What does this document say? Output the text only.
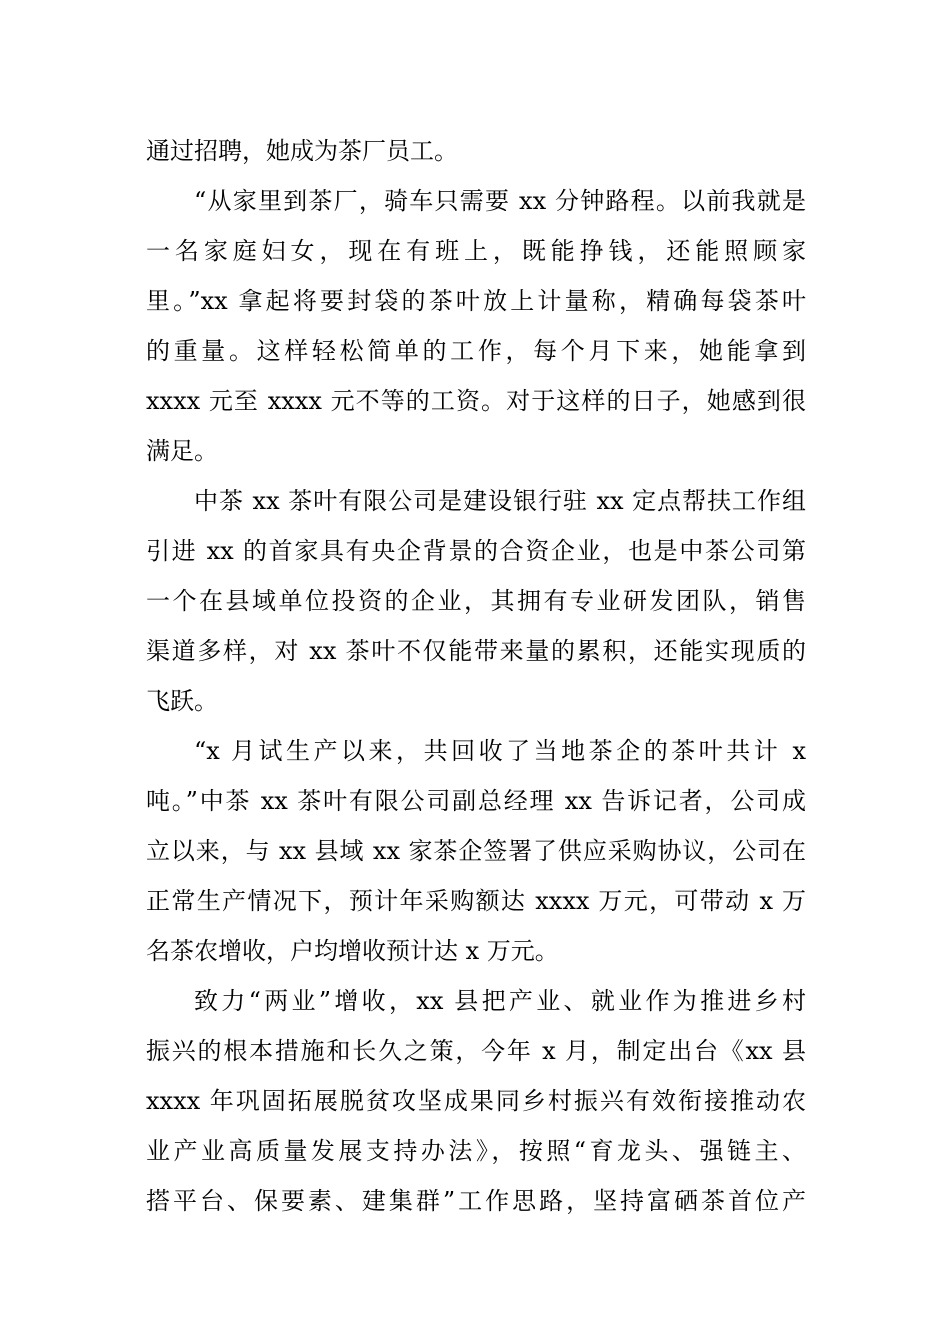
通过招聘，她成为茶厂员工。
“从家里到茶厂，骑车只需要 xx 分钟路程。以前我就是
一名家庭妇女，现在有班上，既能挣钱，还能照顾家
里。”xx 拿起将要封袋的茶叶放上计量称，精确每袋茶叶
的重量。这样轻松简单的工作，每个月下来，她能拿到
xxxx 元至 xxxx 元不等的工资。对于这样的日子，她感到很
满足。
中茶 xx 茶叶有限公司是建设银行驻 xx 定点帮扶工作组
引进 xx 的首家具有央企背景的合资企业，也是中茶公司第
一个在县域单位投资的企业，其拥有专业研发团队，销售
渠道多样，对 xx 茶叶不仅能带来量的累积，还能实现质的
飞跃。
“x 月试生产以来，共回收了当地茶企的茶叶共计 x
吨。”中茶 xx 茶叶有限公司副总经理 xx 告诉记者，公司成
立以来，与 xx 县域 xx 家茶企签署了供应采购协议，公司在
正常生产情况下，预计年采购额达 xxxx 万元，可带动 x 万
名茶农增收，户均增收预计达 x 万元。
致力“两业”增收，xx 县把产业、就业作为推进乡村
振兴的根本措施和长久之策，今年 x 月，制定出台《xx 县
xxxx 年巩固拓展脱贫攻坚成果同乡村振兴有效衔接推动农
业产业高质量发展支持办法》，按照“育龙头、强链主、
搭平台、保要素、建集群”工作思路，坚持富硒茶首位产
